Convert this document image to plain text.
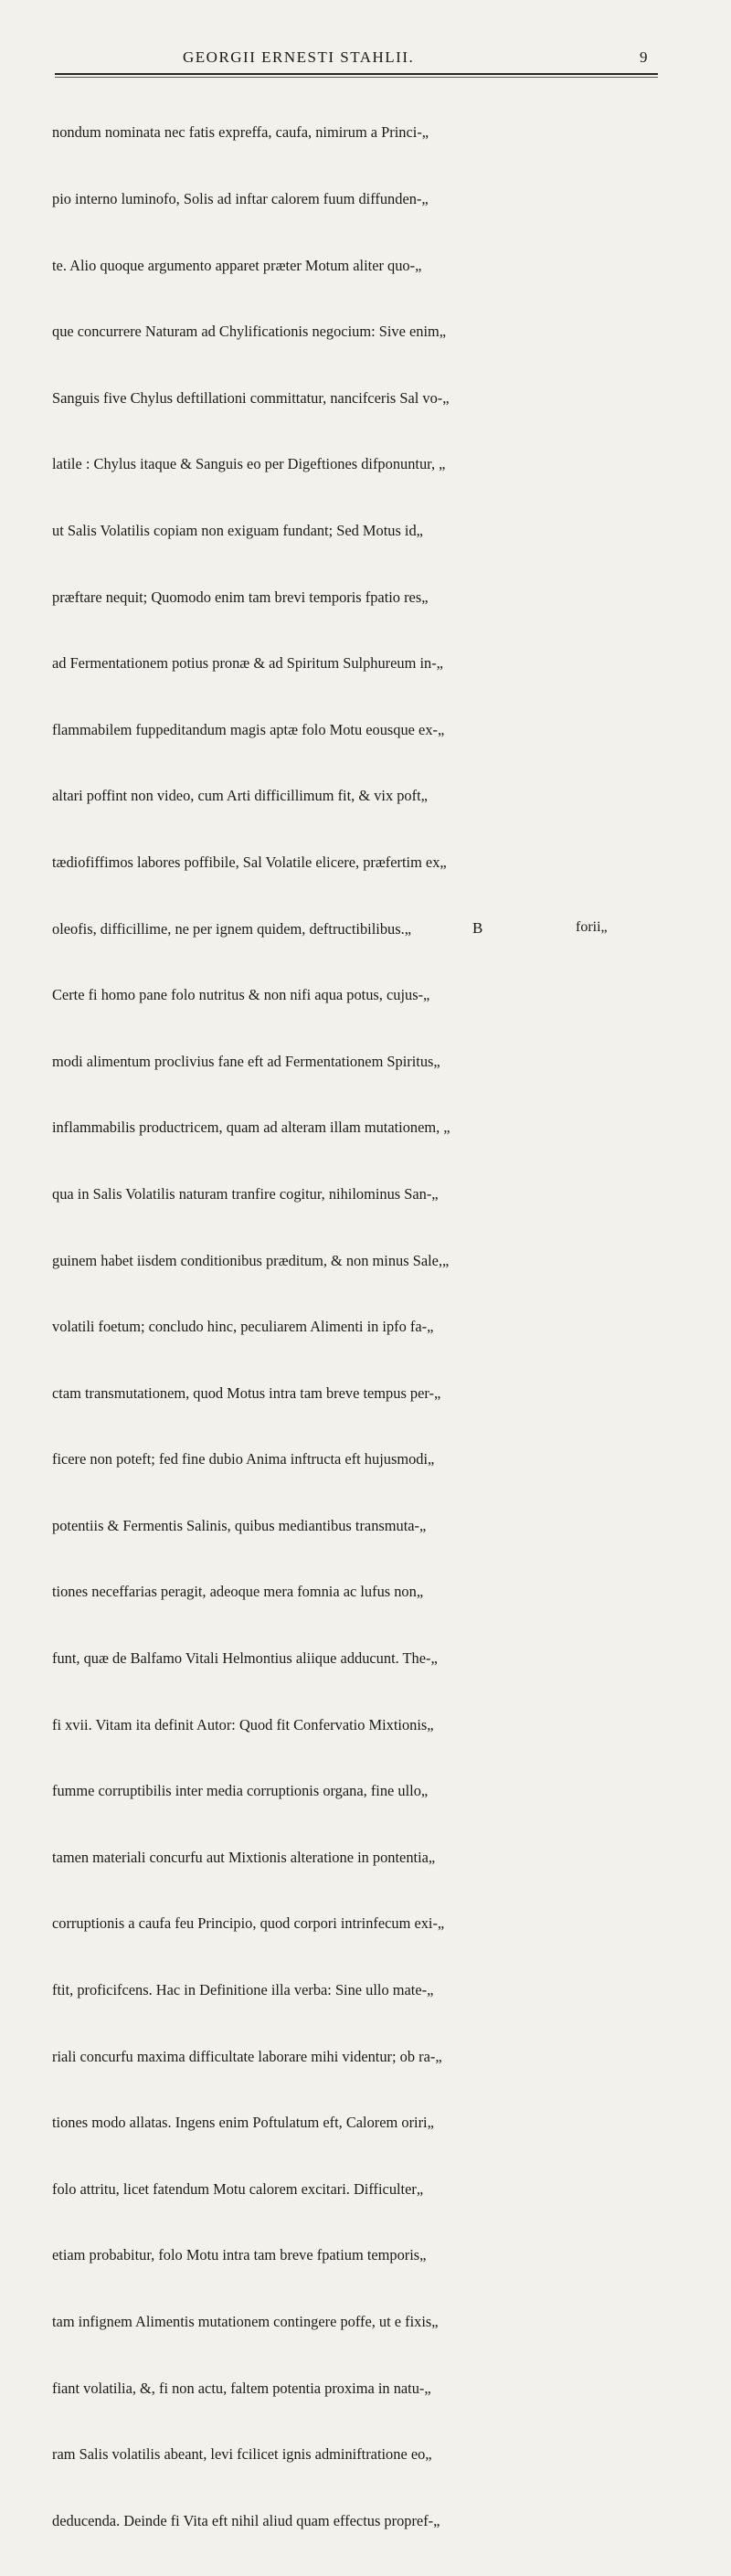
GEORGII ERNESTI STAHLII.	9

nondum nominata nec fatis expreffa, caufa, nimirum a Princi-„

pio interno luminofo, Solis ad inftar calorem fuum diffunden-„

te. Alio quoque argumento apparet præter Motum aliter quo-„

que concurrere Naturam ad Chylificationis negocium: Sive enim„

Sanguis five Chylus deftillationi committatur, nancifceris Sal vo-„

latile : Chylus itaque & Sanguis eo per Digeftiones difponuntur, „

ut Salis Volatilis copiam non exiguam fundant; Sed Motus id„

præftare nequit; Quomodo enim tam brevi temporis fpatio res„

ad Fermentationem potius pronæ & ad Spiritum Sulphureum in-„

flammabilem fuppeditandum magis aptæ folo Motu eousque ex-„

altari poffint non video, cum Arti difficillimum fit, & vix poft„

tædiofiffimos labores poffibile, Sal Volatile elicere, præfertim ex„

oleofis, difficillime, ne per ignem quidem, deftructibilibus.„

Certe fi homo pane folo nutritus & non nifi aqua potus, cujus-„

modi alimentum proclivius fane eft ad Fermentationem Spiritus„

inflammabilis productricem, quam ad alteram illam mutationem, „

qua in Salis Volatilis naturam tranfire cogitur, nihilominus San-„

guinem habet iisdem conditionibus præditum, & non minus Sale,„

volatili foetum; concludo hinc, peculiarem Alimenti in ipfo fa-„

ctam transmutationem, quod Motus intra tam breve tempus per-„

ficere non poteft; fed fine dubio Anima inftructa eft hujusmodi„

potentiis & Fermentis Salinis, quibus mediantibus transmuta-„

tiones neceffarias peragit, adeoque mera fomnia ac lufus non„

funt, quæ de Balfamo Vitali Helmontius aliique adducunt. The-„

fi xvii. Vitam ita definit Autor: Quod fit Confervatio Mixtionis„

fumme corruptibilis inter media corruptionis organa, fine ullo„

tamen materiali concurfu aut Mixtionis alteratione in pontentia„

corruptionis a caufa feu Principio, quod corpori intrinfecum exi-„

ftit, proficifcens. Hac in Definitione illa verba: Sine ullo mate-„

riali concurfu maxima difficultate laborare mihi videntur; ob ra-„

tiones modo allatas. Ingens enim Poftulatum eft, Calorem oriri„

folo attritu, licet fatendum Motu calorem excitari. Difficulter„

etiam probabitur, folo Motu intra tam breve fpatium temporis„

tam infignem Alimentis mutationem contingere poffe, ut e fixis„

fiant volatilia, &, fi non actu, faltem potentia proxima in natu-„

ram Salis volatilis abeant, levi fcilicet ignis adminiftratione eo„

deducenda. Deinde fi Vita eft nihil aliud quam effectus propref-„

B	forii„
